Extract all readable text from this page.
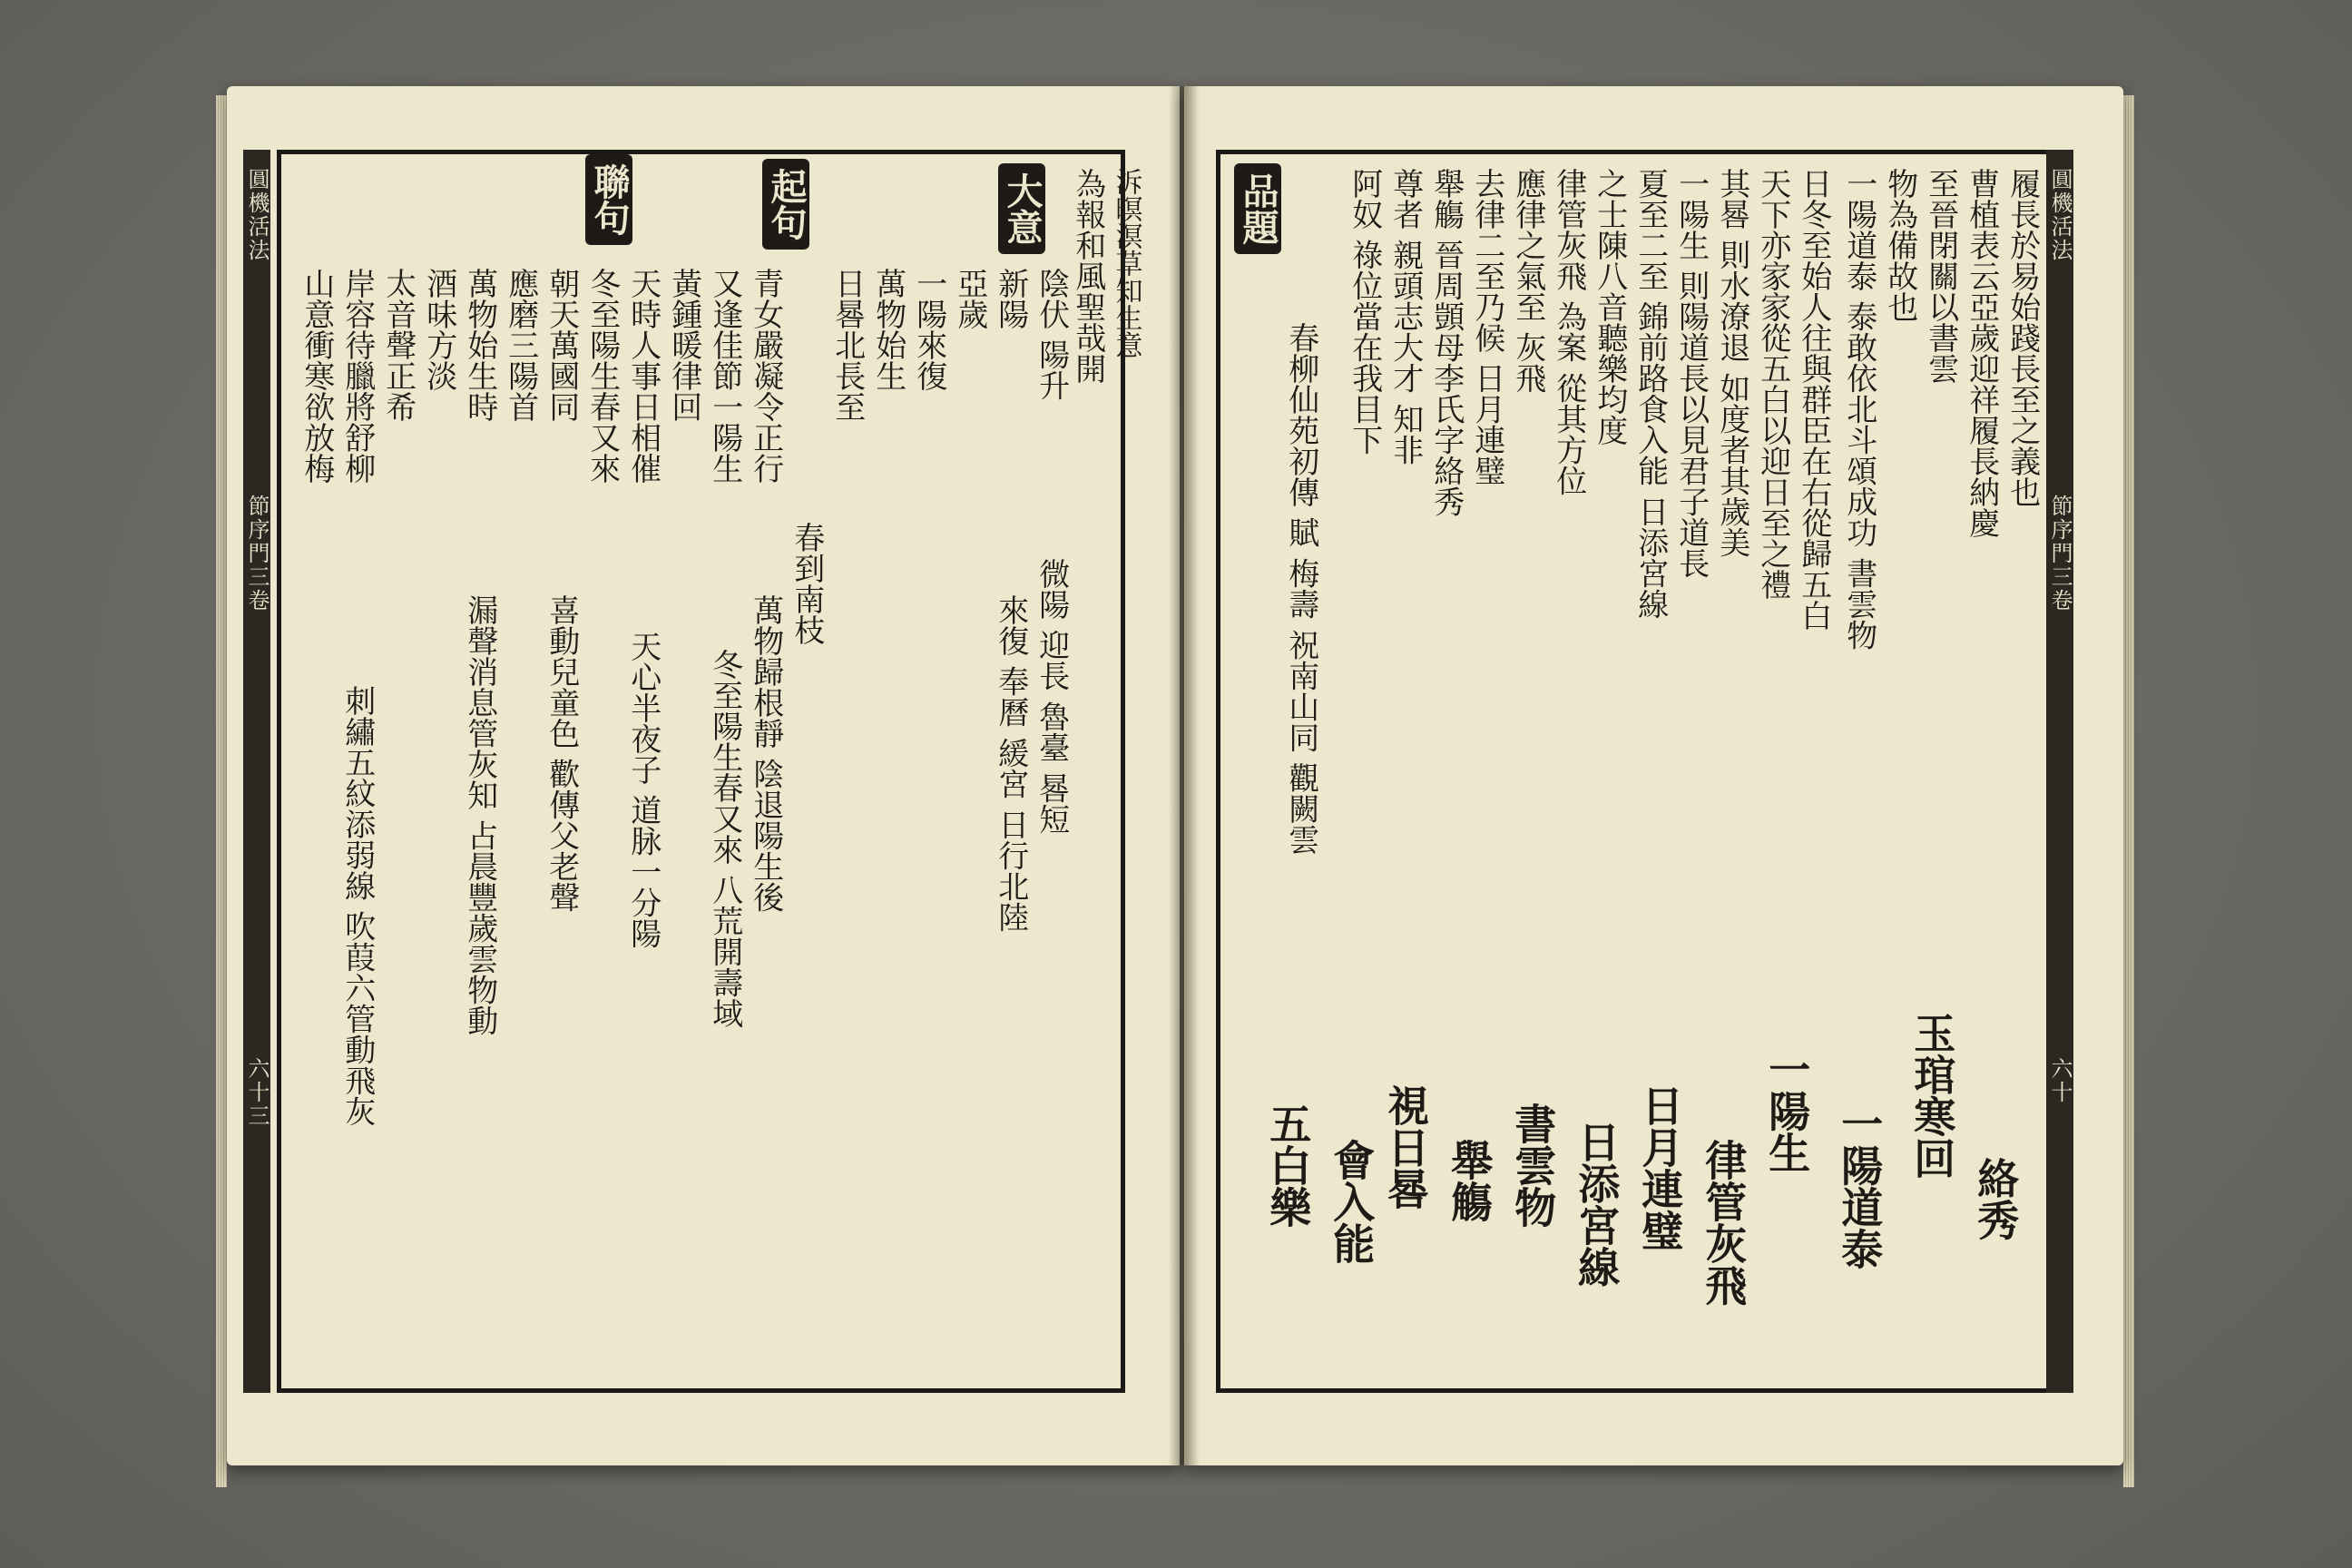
圓機活法
節序門三卷
六十三
大意
起句
聯句	為報和風聖哉開 泝暝溟草知生意
陰伏 陽升
新陽
亞歲
一陽來復
萬物始生
日晷北長至
春到南枝	微陽 迎長 魯臺 晷短
來復 奉曆 緩宮 日行北陸
青女嚴凝令正行
又逢佳節一陽生
黃鍾暖律回
天時人事日相催
冬至陽生春又來
萬物歸根靜 陰退陽生後
冬至陽生春又來 八荒開壽域
朝天萬國同
應磨三陽首
萬物始生時
酒味方淡
太音聲正希
岸容待臘將舒柳
山意衝寒欲放梅
天心半夜子 道脉一分陽
喜動兒童色 歡傳父老聲
漏聲消息管灰知 占晨豐歲雲物動
刺繡五紋添弱線 吹葭六管動飛灰
圓機活法
節序門三卷
六十
品題	履長於易始踐長至之義也
曹植表云亞歲迎祥履長納慶
至晉閉關以書雲
物為備故也
一陽道泰 泰敢依北斗頌成功 書雲物
日冬至始人往與群臣在右從歸五白
天下亦家家從五白以迎日至之禮
其晷 則水潦退 如度者其歲美
一陽生 則陽道長以見君子道長
夏至二至 錦前路食入能 日添宮線
之士陳八音聽樂均度
律管灰飛 為案 從其方位
應律之氣至 灰飛
去律二至乃候 日月連璧
舉觴 晉周顗母李氏字絡秀
尊者 親頭志大才 知非
阿奴 祿位當在我目下
春柳仙苑初傳 賦 梅壽 祝南山同 觀闕雲
一陽道泰
一陽生
律管灰飛
日月連璧
日添宮線
書雲物
舉觴
視日晷
會入能
五白樂	玉琯寒回
絡秀
